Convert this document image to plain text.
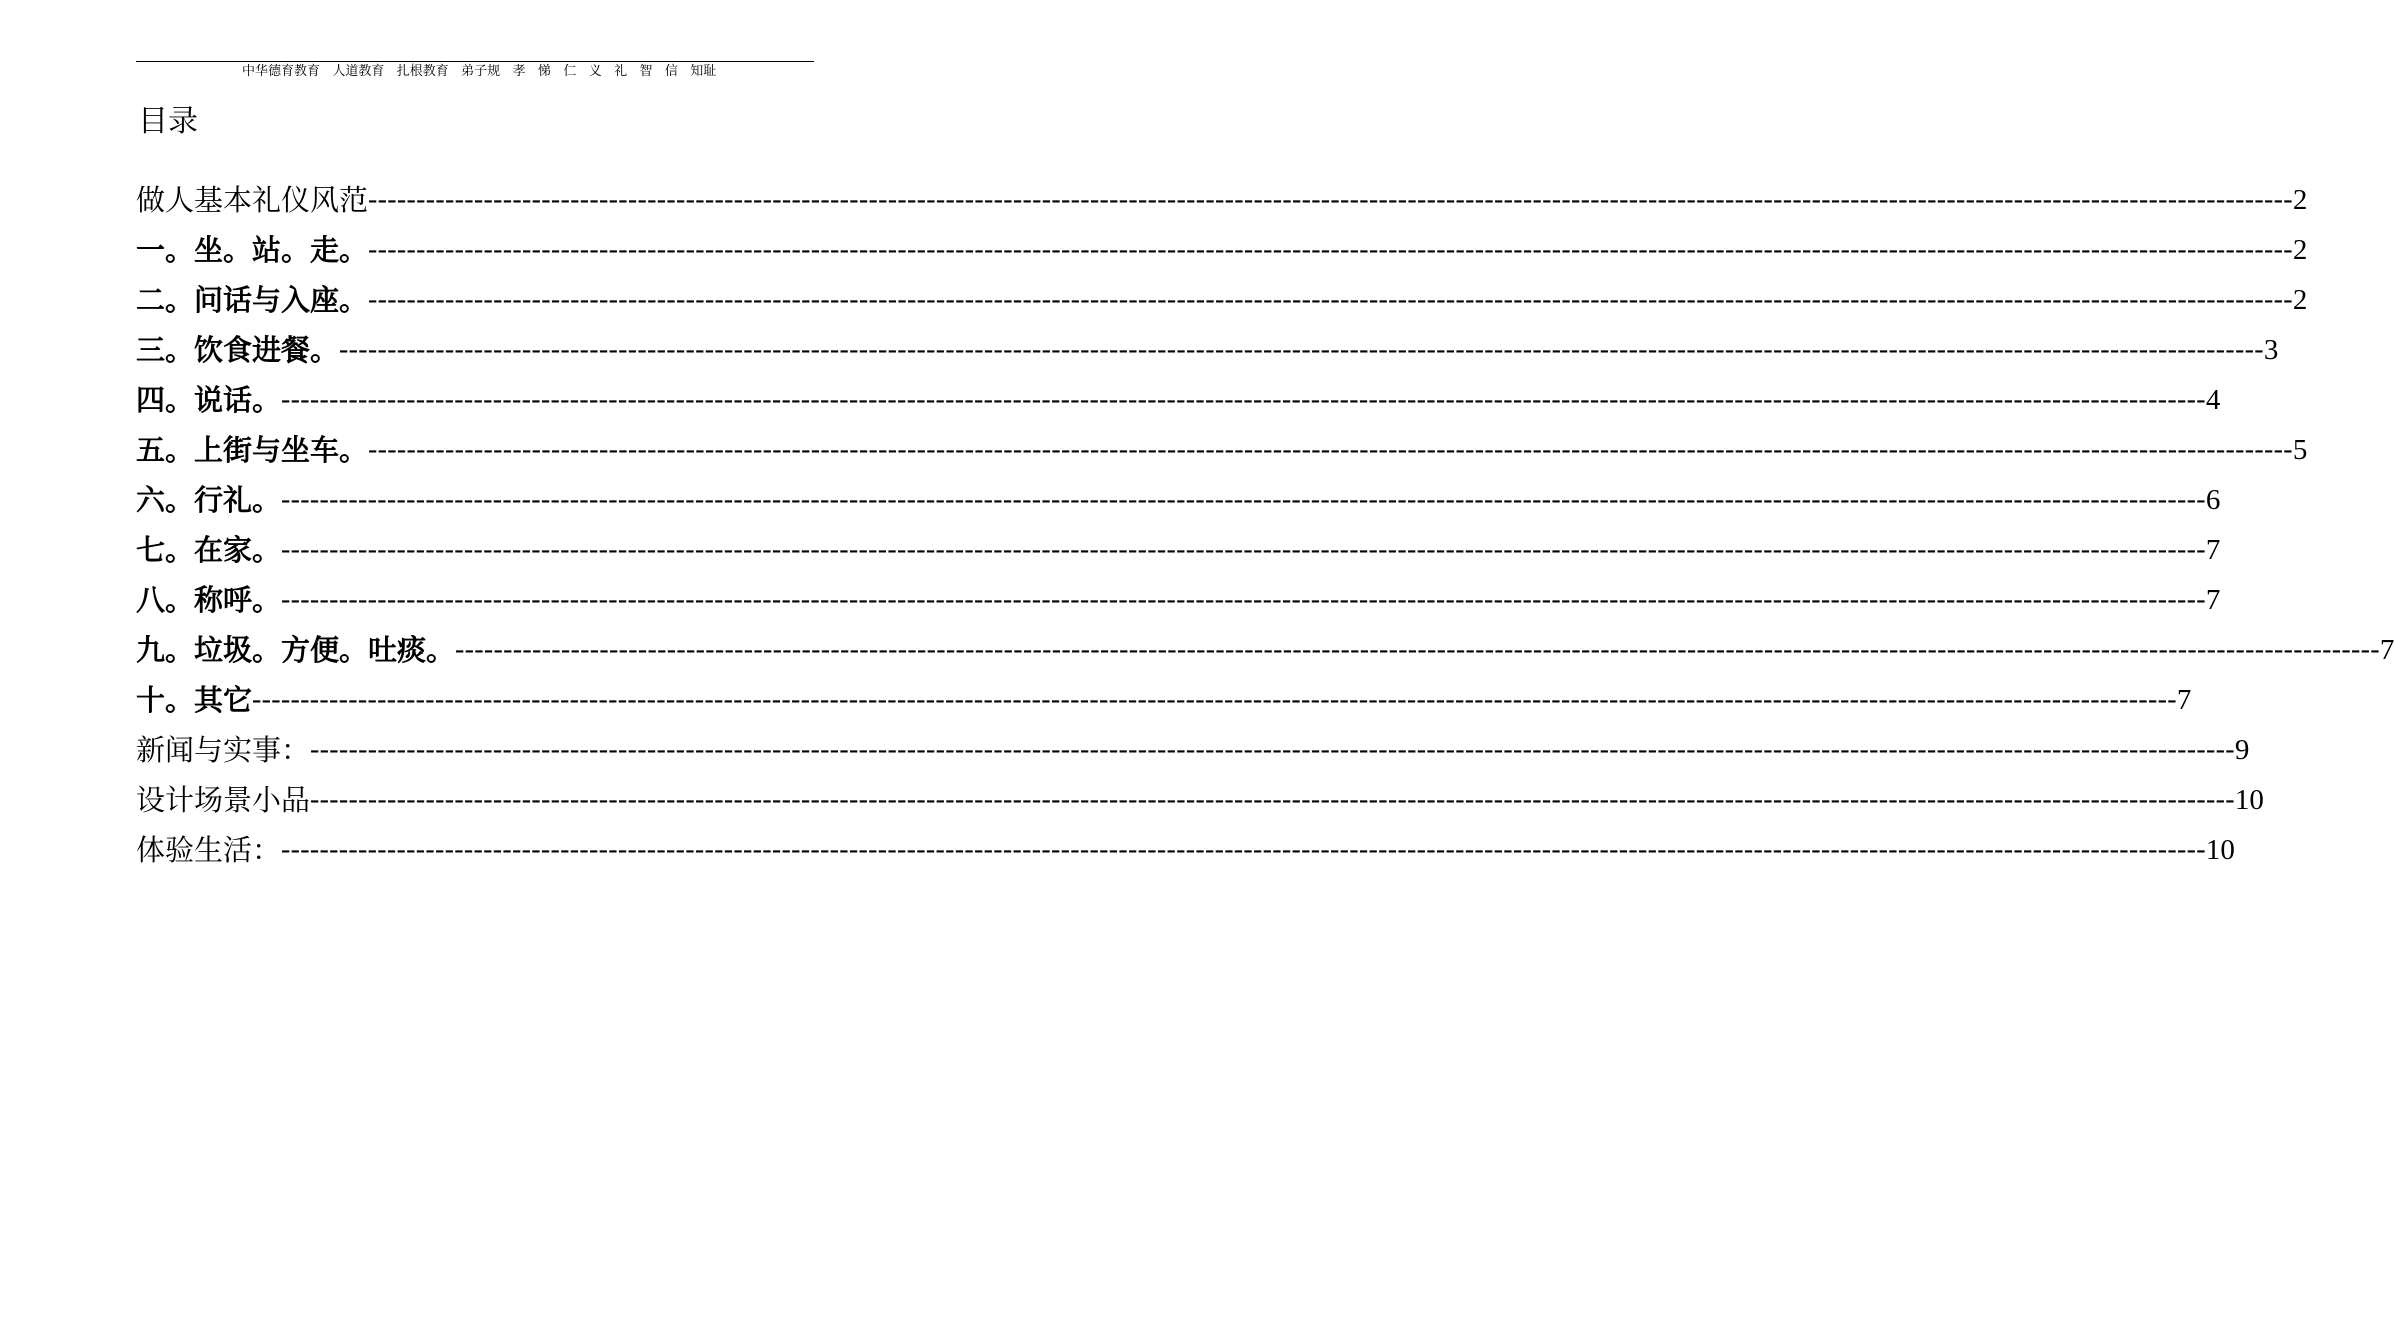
中华德育教育   人道教育   扎根教育   弟子规   孝   悌   仁   义   礼   智   信   知耻

目录
做人基本礼仪风范 -------------------------------------------------------------------------------------------------------------------------------------------------------------------------------------------------------- 2
一。坐。站。走。 -------------------------------------------------------------------------------------------------------------------------------------------------------------------------------------------------------- 2
二。问话与入座。 -------------------------------------------------------------------------------------------------------------------------------------------------------------------------------------------------------- 2
三。饮食进餐。 -------------------------------------------------------------------------------------------------------------------------------------------------------------------------------------------------------- 3
四。说话。 -------------------------------------------------------------------------------------------------------------------------------------------------------------------------------------------------------- 4
五。上街与坐车。 -------------------------------------------------------------------------------------------------------------------------------------------------------------------------------------------------------- 5
六。行礼。 -------------------------------------------------------------------------------------------------------------------------------------------------------------------------------------------------------- 6
七。在家。 -------------------------------------------------------------------------------------------------------------------------------------------------------------------------------------------------------- 7
八。称呼。 -------------------------------------------------------------------------------------------------------------------------------------------------------------------------------------------------------- 7
九。垃圾。方便。吐痰。 -------------------------------------------------------------------------------------------------------------------------------------------------------------------------------------------------------- 7
十。其它 -------------------------------------------------------------------------------------------------------------------------------------------------------------------------------------------------------- 7
新闻与实事： -------------------------------------------------------------------------------------------------------------------------------------------------------------------------------------------------------- 9
设计场景小品 -------------------------------------------------------------------------------------------------------------------------------------------------------------------------------------------------------- 10
体验生活： -------------------------------------------------------------------------------------------------------------------------------------------------------------------------------------------------------- 10
